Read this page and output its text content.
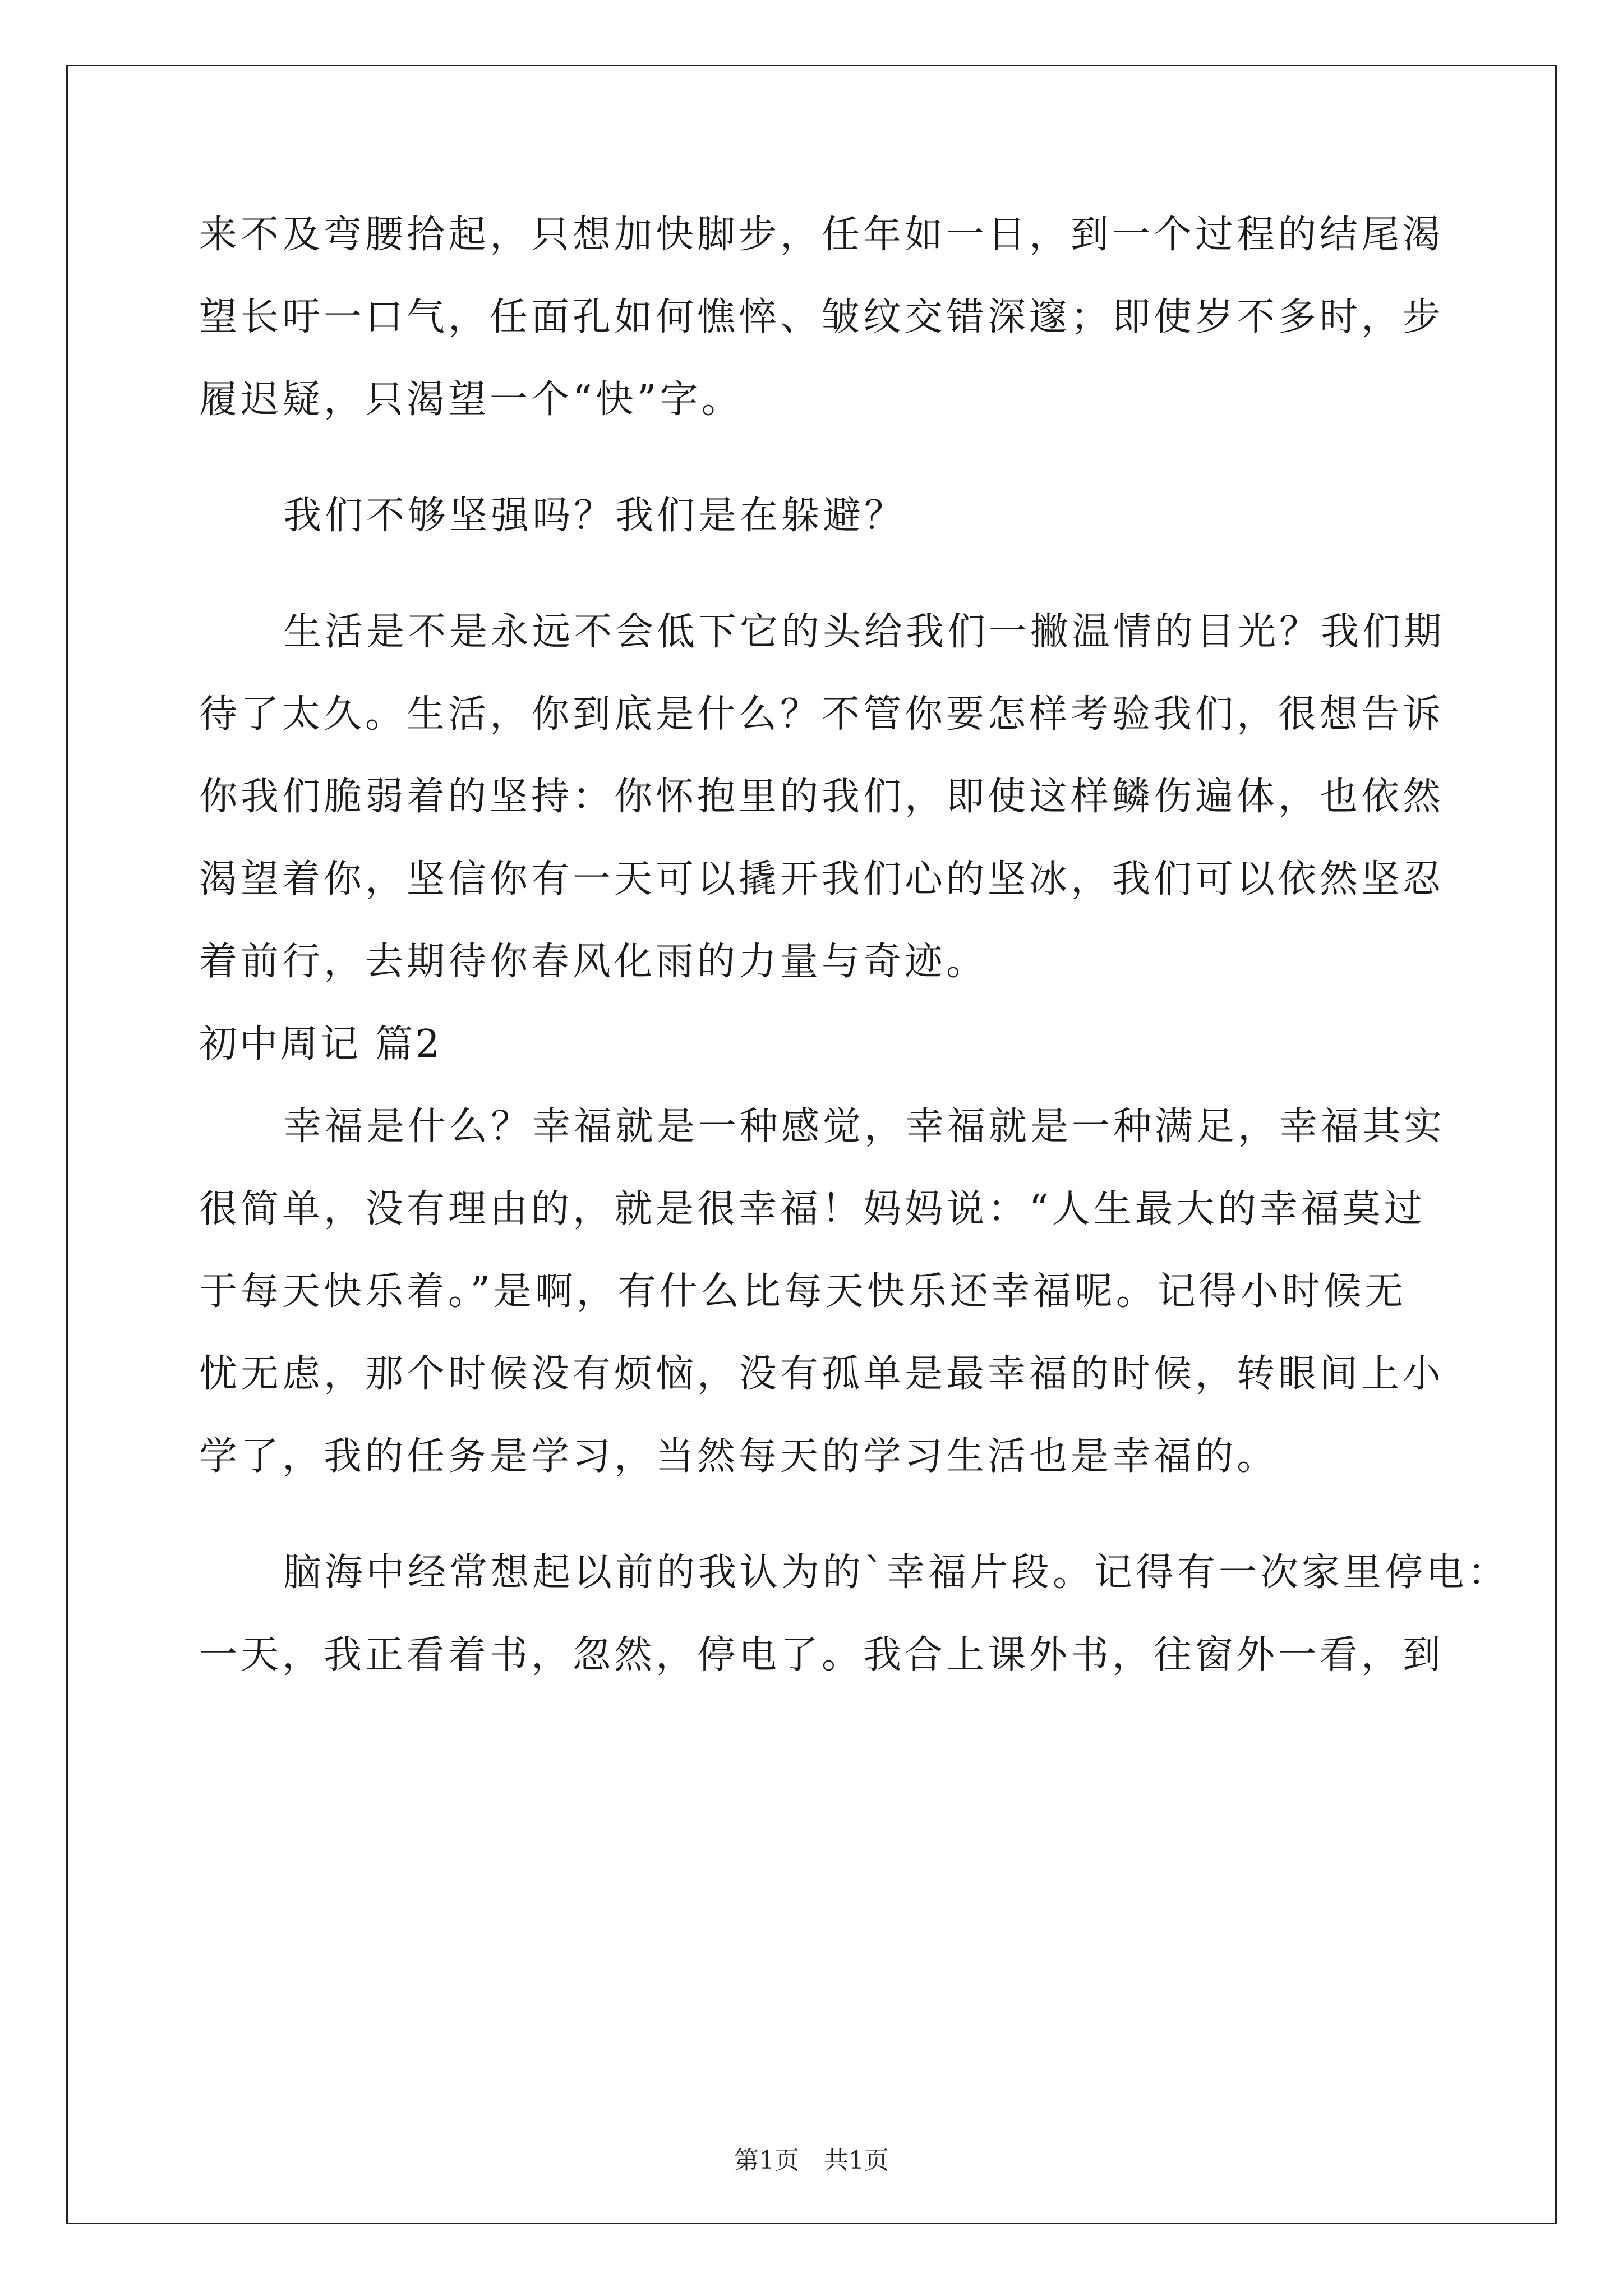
来不及弯腰拾起，只想加快脚步，任年如一日，到一个过程的结尾渴
望长吁一口气，任面孔如何憔悴、皱纹交错深邃；即使岁不多时，步
履迟疑，只渴望一个“快”字。
我们不够坚强吗？我们是在躲避？
生活是不是永远不会低下它的头给我们一撇温情的目光？我们期
待了太久。生活，你到底是什么？不管你要怎样考验我们，很想告诉
你我们脆弱着的坚持：你怀抱里的我们，即使这样鳞伤遍体，也依然
渴望着你，坚信你有一天可以撬开我们心的坚冰，我们可以依然坚忍
着前行，去期待你春风化雨的力量与奇迹。
初中周记 篇2
幸福是什么？幸福就是一种感觉，幸福就是一种满足，幸福其实
很简单，没有理由的，就是很幸福！妈妈说：“人生最大的幸福莫过
于每天快乐着。”是啊，有什么比每天快乐还幸福呢。记得小时候无
忧无虑，那个时候没有烦恼，没有孤单是最幸福的时候，转眼间上小
学了，我的任务是学习，当然每天的学习生活也是幸福的。
脑海中经常想起以前的我认为的`幸福片段。记得有一次家里停电：
一天，我正看着书，忽然，停电了。我合上课外书，往窗外一看，到
第1页　共1页
